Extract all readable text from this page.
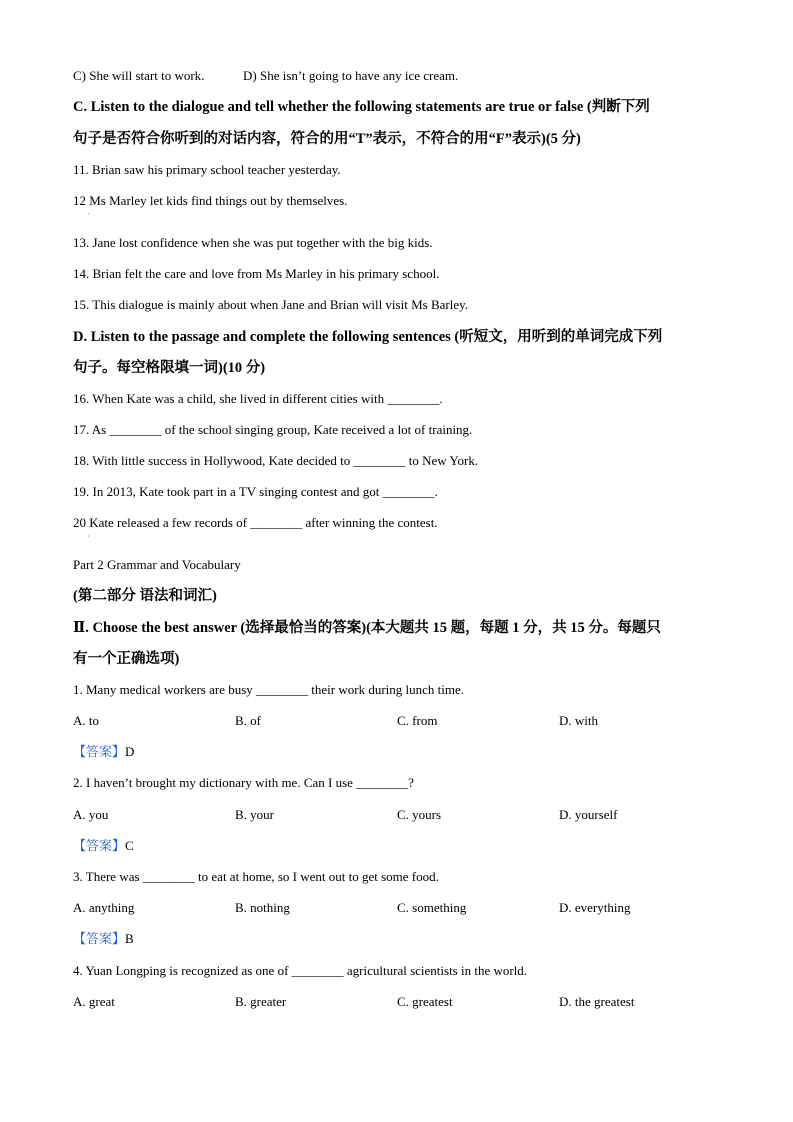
C) She will start to work.	D) She isn’t going to have any ice cream.
C. Listen to the dialogue and tell whether the following statements are true or false (判断下列
句子是否符合你听到的对话内容，符合的用“T”表示，不符合的用“F”表示)(5 分)
11. Brian saw his primary school teacher yesterday.
12 Ms Marley let kids find things out by themselves.
·
13. Jane lost confidence when she was put together with the big kids.
14. Brian felt the care and love from Ms Marley in his primary school.
15. This dialogue is mainly about when Jane and Brian will visit Ms Barley.
D. Listen to the passage and complete the following sentences (听短文，用听到的单词完成下列
句子。每空格限填一词)(10 分)
16. When Kate was a child, she lived in different cities with ________.
17. As ________ of the school singing group, Kate received a lot of training.
18. With little success in Hollywood, Kate decided to ________ to New York.
19. In 2013, Kate took part in a TV singing contest and got ________.
20 Kate released a few records of ________ after winning the contest.
·
Part 2 Grammar and Vocabulary
(第二部分 语法和词汇)
Ⅱ. Choose the best answer (选择最恰当的答案)(本大题共 15 题，每题 1 分，共 15 分。每题只
有一个正确选项)
1. Many medical workers are busy ________ their work during lunch time.
A. to	B. of	C. from	D. with
【答案】D
2. I haven’t brought my dictionary with me. Can I use ________?
A. you	B. your	C. yours	D. yourself
【答案】C
3. There was ________ to eat at home, so I went out to get some food.
A. anything	B. nothing	C. something	D. everything
【答案】B
4. Yuan Longping is recognized as one of ________ agricultural scientists in the world.
A. great	B. greater	C. greatest	D. the greatest
